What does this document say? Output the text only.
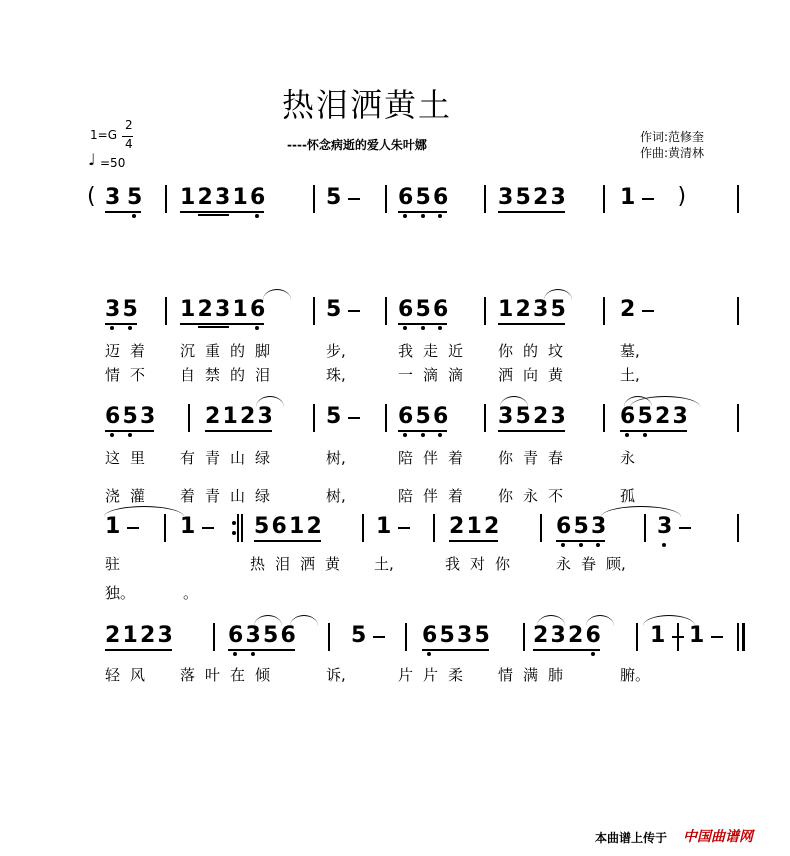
热泪洒黄土
----怀念病逝的爱人朱叶娜
作词:范修奎
作曲:黄清林
1=G
2
4
♩ =50
( 3 5 1 2 3 1 6	5	6 5 6 3 5 2 3 1 )
3 5 1 2 3 1 6	5	6 5 6 1 2 3 5 2
迈 着 沉 重 的 脚	步,	我 走 近 你 的 坟	墓,
情 不 自 禁 的 泪	珠,	一 滴 滴 洒 向 黄	土,
6 5 3 2 1 2 3 5	6 5 6 3 5 2 3 6 5 2 3
这 里 有 青 山 绿	树,	陪 伴 着 你 青 春	永
浇 灌 着 青 山 绿	树,	陪 伴 着 你 永 不	孤
1	1	5 6 1 2 1	2 1 2	6 5 3 3
驻	热 泪 洒 黄 土,	我 对 你	永 眷 顾,
独。	。
2 1 2 3	6 3 5 6	5	6 5 3 5 2 3 2 6 1 1
轻 风 落 叶 在 倾	诉,	片 片 柔 情 满 肺	腑。
本曲谱上传于 中国曲谱网
